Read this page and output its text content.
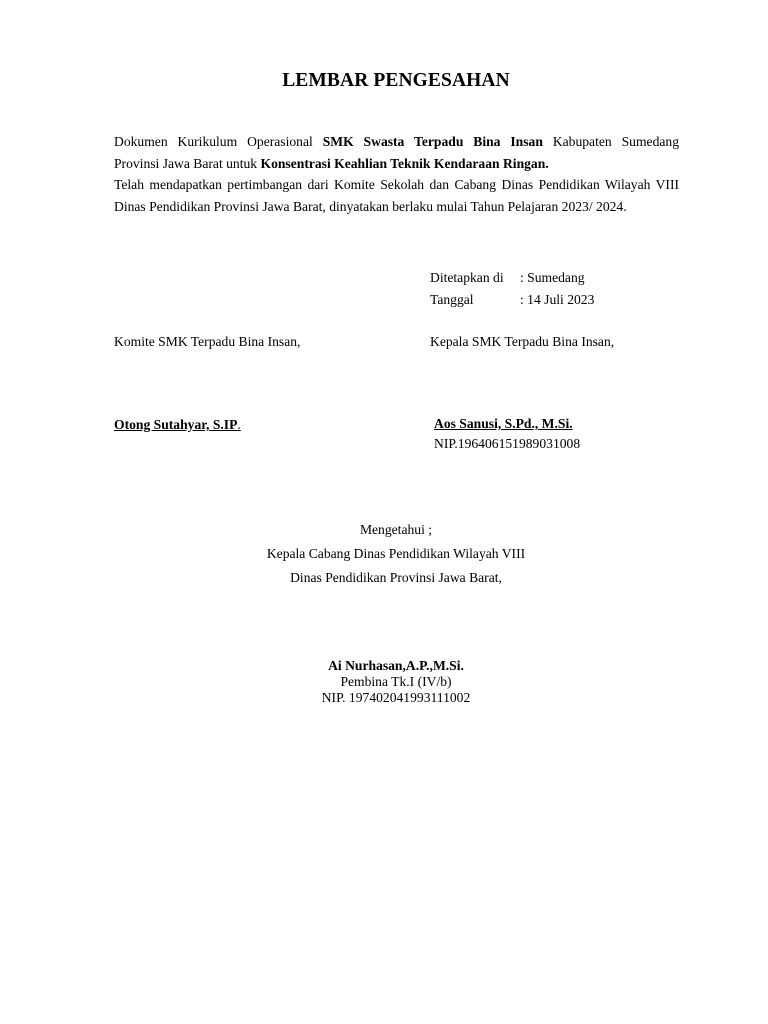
LEMBAR PENGESAHAN

Dokumen Kurikulum Operasional SMK Swasta Terpadu Bina Insan Kabupaten Sumedang

Provinsi Jawa Barat untuk Konsentrasi Keahlian Teknik Kendaraan Ringan.

Telah mendapatkan pertimbangan dari Komite Sekolah dan Cabang Dinas Pendidikan Wilayah VIII Dinas Pendidikan Provinsi Jawa Barat, dinyatakan berlaku mulai Tahun Pelajaran 2023/ 2024.

Ditetapkan di : Sumedang
Tanggal	: 14 Juli 2023
Komite SMK Terpadu Bina Insan,	Kepala SMK Terpadu Bina Insan,
Otong Sutahyar, S.IP.	Aos Sanusi, S.Pd., M.Si.
NIP.196406151989031008
Mengetahui ;
Kepala Cabang Dinas Pendidikan Wilayah VIII
Dinas Pendidikan Provinsi Jawa Barat,
Ai Nurhasan,A.P.,M.Si.
Pembina Tk.I (IV/b)
NIP. 197402041993111002
